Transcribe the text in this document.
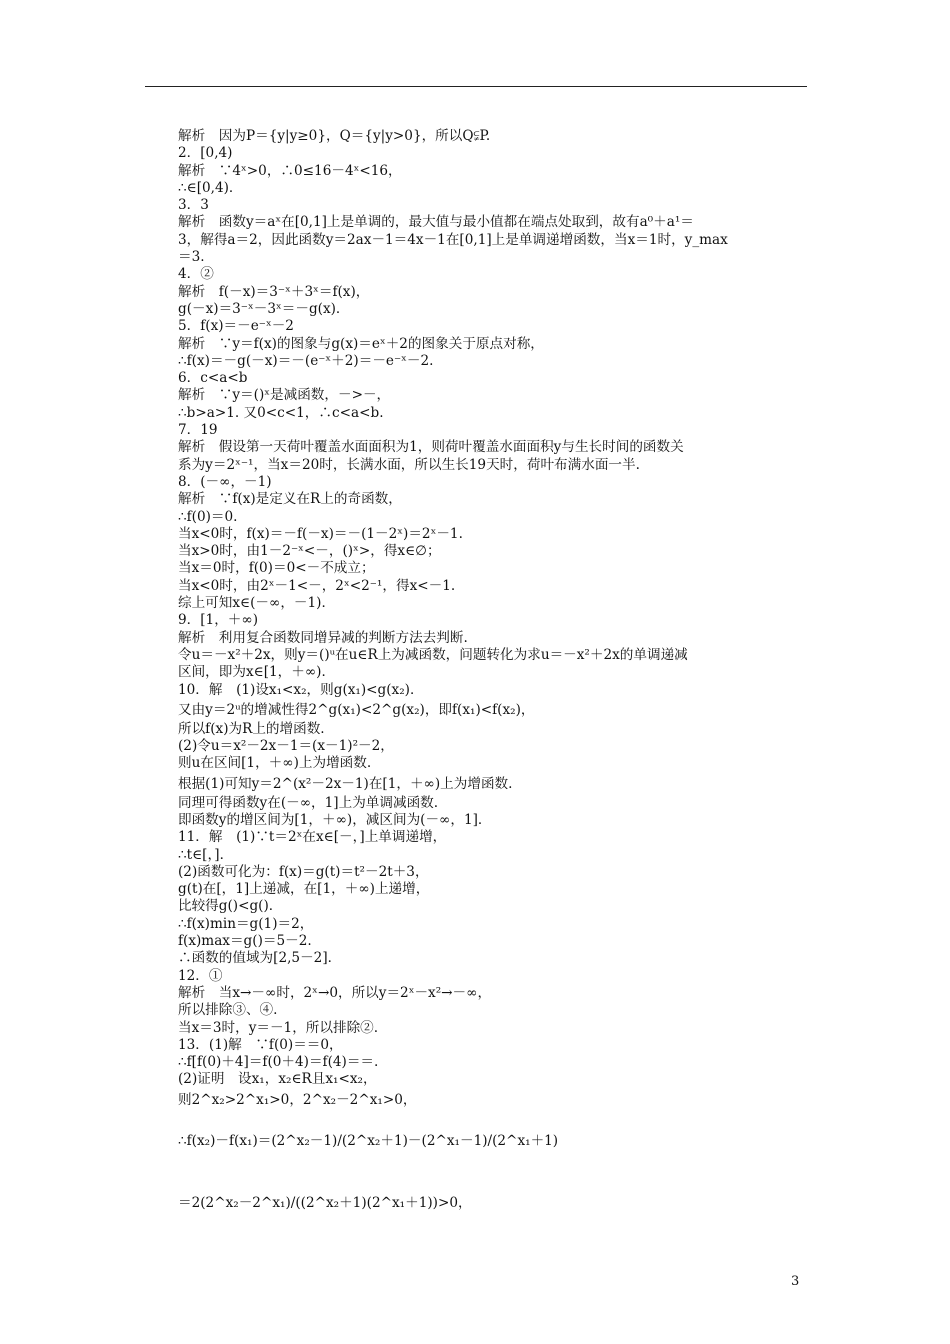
解析　因为P＝{y|y≥0}，Q＝{y|y>0}，所以Q⫋P.
2．[0,4)
解析　∵4ˣ>0，∴0≤16－4ˣ<16，
∴∈[0,4)．
3．3
解析　函数y＝aˣ在[0,1]上是单调的，最大值与最小值都在端点处取到，故有a⁰＋a¹＝
3，解得a＝2，因此函数y＝2ax－1＝4x－1在[0,1]上是单调递增函数，当x＝1时，y_max
＝3.
4．②
解析　f(－x)＝3⁻ˣ＋3ˣ＝f(x)，
g(－x)＝3⁻ˣ－3ˣ＝－g(x)．
5．f(x)＝－e⁻ˣ－2
解析　∵y＝f(x)的图象与g(x)＝eˣ＋2的图象关于原点对称，
∴f(x)＝－g(－x)＝－(e⁻ˣ＋2)＝－e⁻ˣ－2.
6．c<a<b
解析　∵y＝()ˣ是减函数，－>－，
∴b>a>1. 又0<c<1，∴c<a<b.
7．19
解析　假设第一天荷叶覆盖水面面积为1，则荷叶覆盖水面面积y与生长时间的函数关
系为y＝2ˣ⁻¹，当x＝20时，长满水面，所以生长19天时，荷叶布满水面一半.
8．(－∞，－1)
解析　∵f(x)是定义在R上的奇函数，
∴f(0)＝0.
当x<0时，f(x)＝－f(－x)＝－(1－2ˣ)＝2ˣ－1.
当x>0时，由1－2⁻ˣ<－，()ˣ>，得x∈∅；
当x＝0时，f(0)＝0<－不成立；
当x<0时，由2ˣ－1<－，2ˣ<2⁻¹，得x<－1.
综上可知x∈(－∞，－1)．
9．[1，＋∞)
解析　利用复合函数同增异减的判断方法去判断.
令u＝－x²＋2x，则y＝()ᵘ在u∈R上为减函数，问题转化为求u＝－x²＋2x的单调递减
区间，即为x∈[1，＋∞)．
10．解　(1)设x₁<x₂，则g(x₁)<g(x₂)．
又由y＝2ᵘ的增减性得2^g(x₁)<2^g(x₂)，即f(x₁)<f(x₂)，
所以f(x)为R上的增函数.
(2)令u＝x²－2x－1＝(x－1)²－2，
则u在区间[1，＋∞)上为增函数.
根据(1)可知y＝2^(x²－2x－1)在[1，＋∞)上为增函数.
同理可得函数y在(－∞，1]上为单调减函数.
即函数y的增区间为[1，＋∞)，减区间为(－∞，1]．
11．解　(1)∵t＝2ˣ在x∈[－，]上单调递增，
∴t∈[，]．
(2)函数可化为：f(x)＝g(t)＝t²－2t＋3，
g(t)在[，1]上递减，在[1，＋∞)上递增，
比较得g()<g()．
∴f(x)min＝g(1)＝2，
f(x)max＝g()＝5－2.
∴函数的值域为[2,5－2]．
12．①
解析　当x→－∞时，2ˣ→0，所以y＝2ˣ－x²→－∞，
所以排除③、④.
当x＝3时，y＝－1，所以排除②.
13．(1)解　∵f(0)＝＝0，
∴f[f(0)＋4]＝f(0＋4)＝f(4)＝＝.
(2)证明　设x₁，x₂∈R且x₁<x₂，
则2^x₂>2^x₁>0，2^x₂－2^x₁>0，
∴f(x₂)－f(x₁)＝(2^x₂－1)/(2^x₂＋1)－(2^x₁－1)/(2^x₁＋1)
＝2(2^x₂－2^x₁)/((2^x₂＋1)(2^x₁＋1))>0，
3
